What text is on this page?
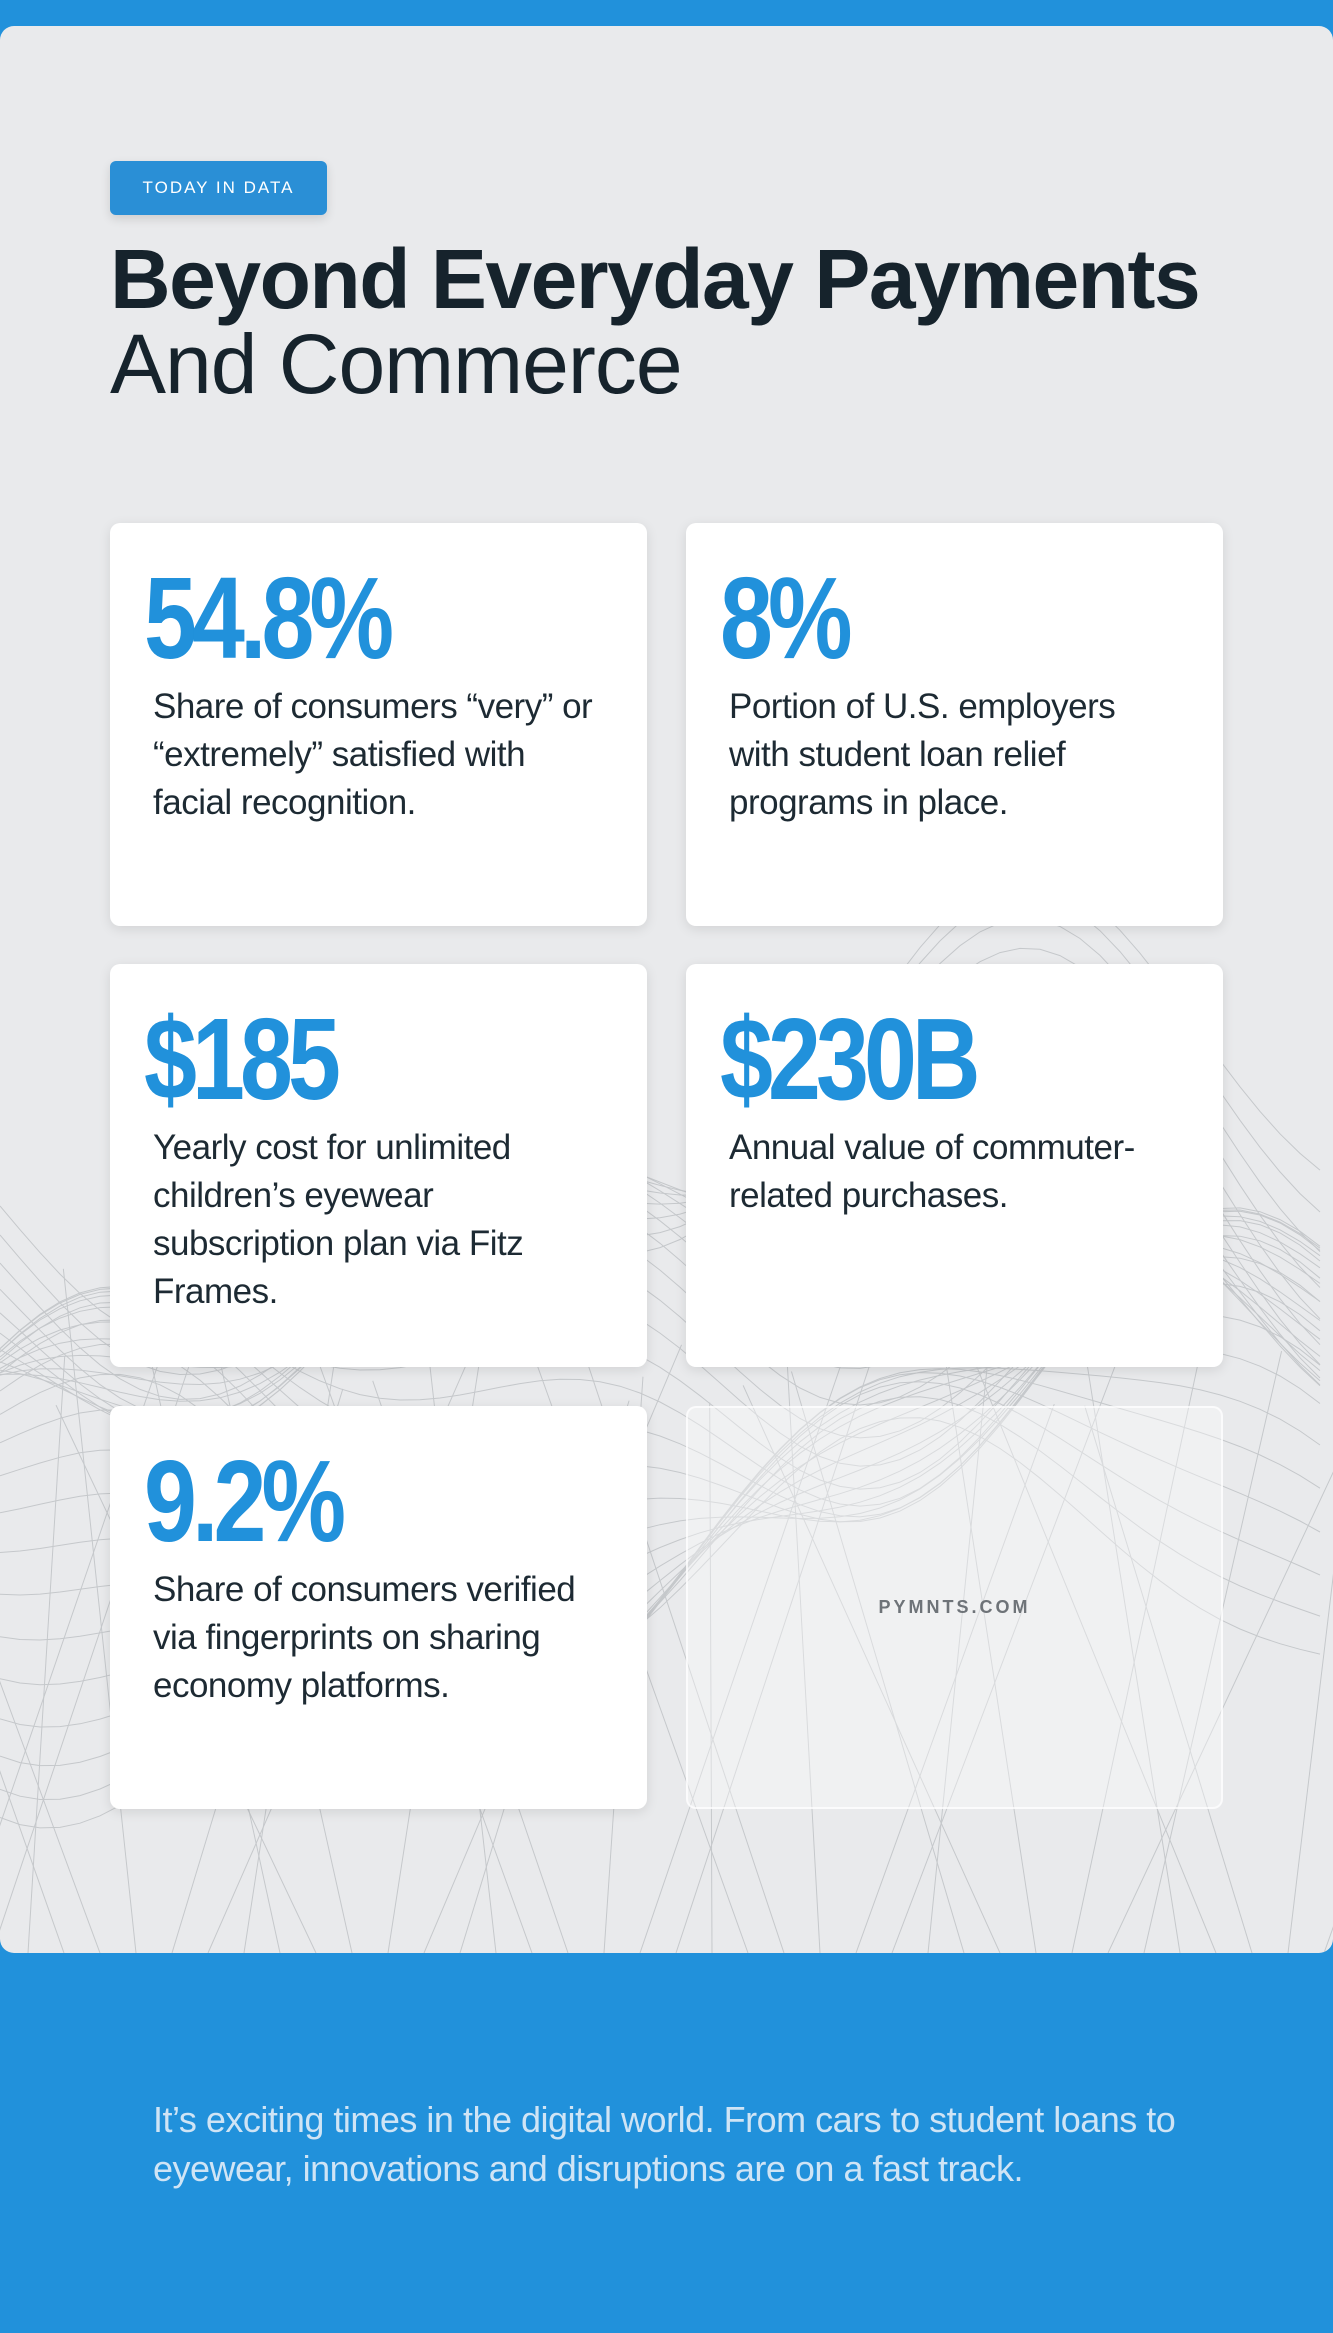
TODAY IN DATA
Beyond Everyday Payments
And Commerce
54.8%
Share of consumers “very” or “extremely” satisfied with facial recognition.
8%
Portion of U.S. employers with student loan relief programs in place.
$185
Yearly cost for unlimited children’s eyewear subscription plan via Fitz Frames.
$230B
Annual value of commuter-related purchases.
9.2%
Share of consumers verified via fingerprints on sharing economy platforms.
PYMNTS.COM
It’s exciting times in the digital world. From cars to student loans to eyewear, innovations and disruptions are on a fast track.
